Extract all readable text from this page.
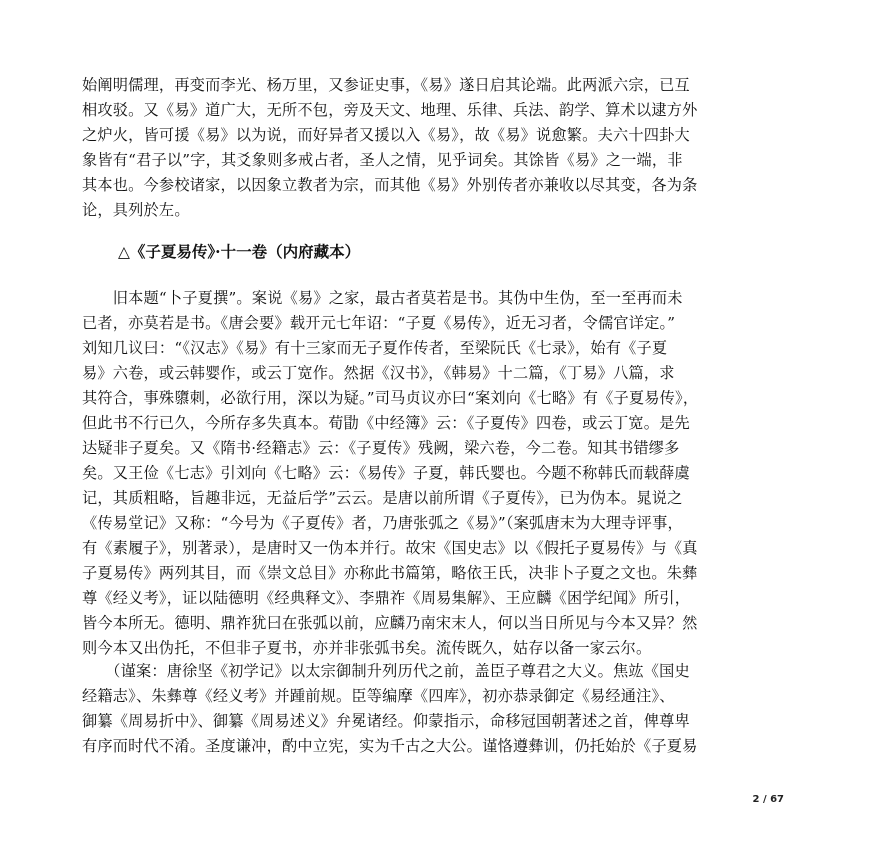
始阐明儒理，再变而李光、杨万里，又参证史事，《易》遂日启其论端。此两派六宗，已互
相攻驳。又《易》道广大，无所不包，旁及天文、地理、乐律、兵法、韵学、算术以逮方外
之炉火，皆可援《易》以为说，而好异者又援以入《易》，故《易》说愈繁。夫六十四卦大
象皆有“君子以”字，其爻象则多戒占者，圣人之情，见乎词矣。其馀皆《易》之一端，非
其本也。今参校诸家，以因象立教者为宗，而其他《易》外别传者亦兼收以尽其变，各为条
论，具列於左。
△《子夏易传》·十一卷（内府藏本）
　　旧本题“卜子夏撰”。案说《易》之家，最古者莫若是书。其伪中生伪，至一至再而未
已者，亦莫若是书。《唐会要》载开元七年诏：“子夏《易传》，近无习者，令儒官详定。”
刘知几议曰：“《汉志》《易》有十三家而无子夏作传者，至梁阮氏《七录》，始有《子夏
易》六卷，或云韩婴作，或云丁宽作。然据《汉书》，《韩易》十二篇，《丁易》八篇，求
其符合，事殊隳刺，必欲行用，深以为疑。”司马贞议亦曰“案刘向《七略》有《子夏易传》，
但此书不行已久，今所存多失真本。荀勖《中经簿》云：《子夏传》四卷，或云丁宽。是先
达疑非子夏矣。又《隋书·经籍志》云：《子夏传》残阙，梁六卷，今二卷。知其书错缪多
矣。又王俭《七志》引刘向《七略》云：《易传》子夏，韩氏婴也。今题不称韩氏而载薛虞
记，其质粗略，旨趣非远，无益后学”云云。是唐以前所谓《子夏传》，已为伪本。晁说之
《传易堂记》又称：“今号为《子夏传》者，乃唐张弧之《易》”（案弧唐末为大理寺评事，
有《素履子》，别著录），是唐时又一伪本并行。故宋《国史志》以《假托子夏易传》与《真
子夏易传》两列其目，而《崇文总目》亦称此书篇第，略依王氏，决非卜子夏之文也。朱彝
尊《经义考》，证以陆德明《经典释文》、李鼎祚《周易集解》、王应麟《困学纪闻》所引，
皆今本所无。德明、鼎祚犹曰在张弧以前，应麟乃南宋末人，何以当日所见与今本又异？然
则今本又出伪托，不但非子夏书，亦并非张弧书矣。流传既久，姑存以备一家云尔。
　　（谨案：唐徐坚《初学记》以太宗御制升列历代之前，盖臣子尊君之大义。焦竑《国史
经籍志》、朱彝尊《经义考》并踵前规。臣等编摩《四库》，初亦恭录御定《易经通注》、
御纂《周易折中》、御纂《周易述义》弁冕诸经。仰蒙指示，命移冠国朝著述之首，俾尊卑
有序而时代不淆。圣度谦冲，酌中立宪，实为千古之大公。谨恪遵彝训，仍托始於《子夏易
2 / 67
